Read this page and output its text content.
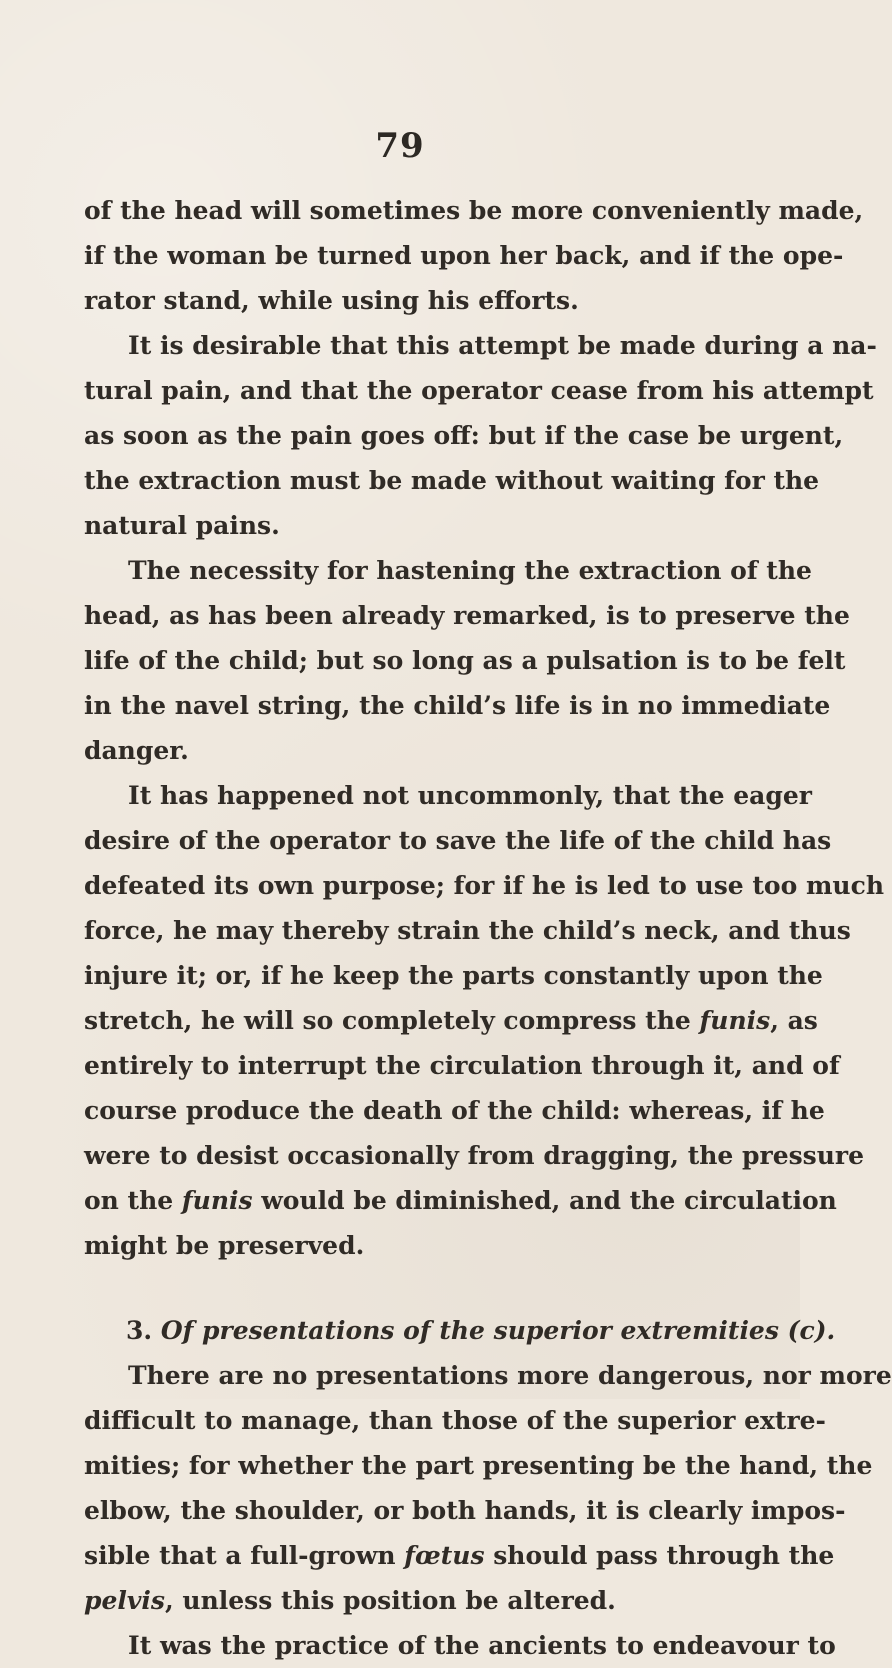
79
of the head will sometimes be more conveniently made,
if the woman be turned upon her back, and if the ope-
rator stand, while using his efforts.
It is desirable that this attempt be made during a na-
tural pain, and that the operator cease from his attempt
as soon as the pain goes off: but if the case be urgent,
the extraction must be made without waiting for the
natural pains.
The necessity for hastening the extraction of the
head, as has been already remarked, is to preserve the
life of the child; but so long as a pulsation is to be felt
in the navel string, the child’s life is in no immediate
danger.
It has happened not uncommonly, that the eager
desire of the operator to save the life of the child has
defeated its own purpose; for if he is led to use too much
force, he may thereby strain the child’s neck, and thus
injure it; or, if he keep the parts constantly upon the
stretch, he will so completely compress the funis, as
entirely to interrupt the circulation through it, and of
course produce the death of the child: whereas, if he
were to desist occasionally from dragging, the pressure
on the funis would be diminished, and the circulation
might be preserved.
3. Of presentations of the superior extremities (c).
There are no presentations more dangerous, nor more
difficult to manage, than those of the superior extre-
mities; for whether the part presenting be the hand, the
elbow, the shoulder, or both hands, it is clearly impos-
sible that a full-grown fœtus should pass through the
pelvis, unless this position be altered.
It was the practice of the ancients to endeavour to
